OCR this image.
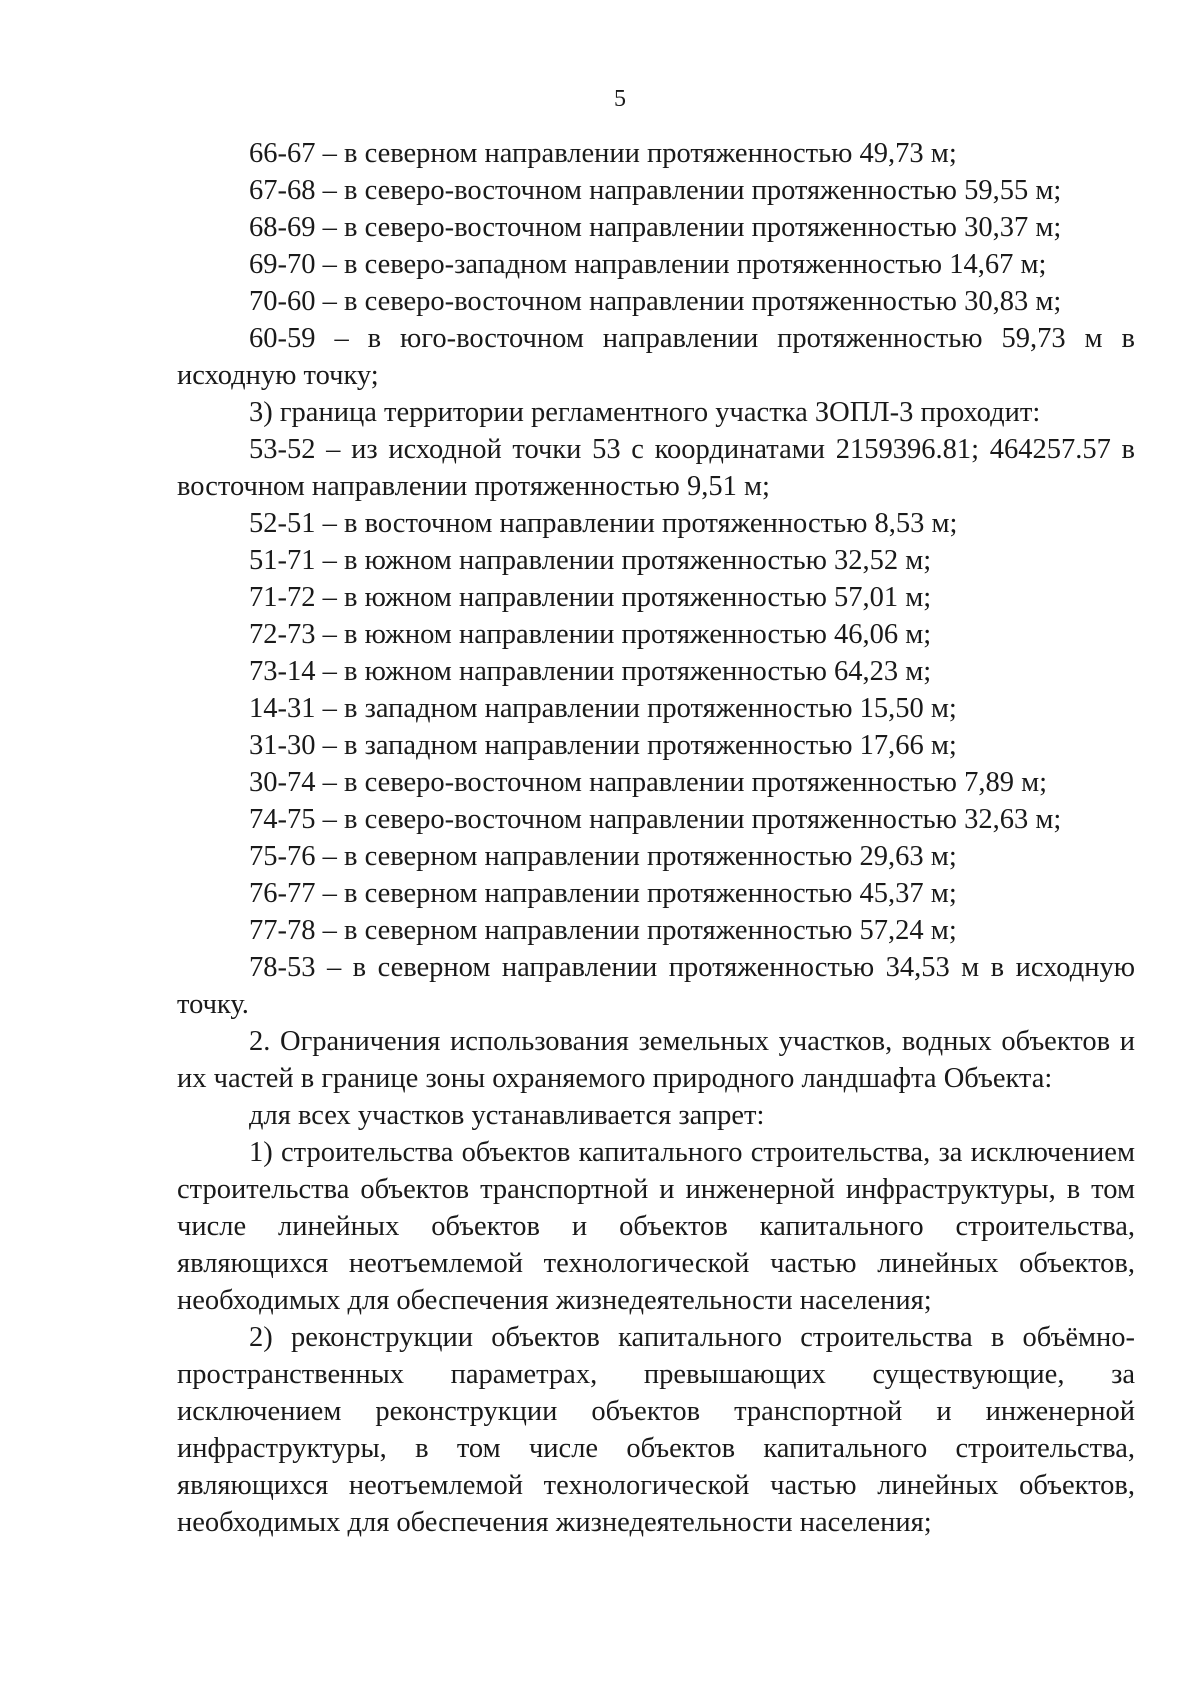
5

66-67 – в северном направлении протяженностью 49,73 м;

67-68 – в северо-восточном направлении протяженностью 59,55 м;

68-69 – в северо-восточном направлении протяженностью 30,37 м;

69-70 – в северо-западном направлении протяженностью 14,67 м;

70-60 – в северо-восточном направлении протяженностью 30,83 м;

60-59 – в юго-восточном направлении протяженностью 59,73 м в исходную точку;

3) граница территории регламентного участка ЗОПЛ-3 проходит:

53-52 – из исходной точки 53 с координатами 2159396.81; 464257.57 в восточном направлении протяженностью 9,51 м;

52-51 – в восточном направлении протяженностью 8,53 м;

51-71 – в южном направлении протяженностью 32,52 м;

71-72 – в южном направлении протяженностью 57,01 м;

72-73 – в южном направлении протяженностью 46,06 м;

73-14 – в южном направлении протяженностью 64,23 м;

14-31 – в западном направлении протяженностью 15,50 м;

31-30 – в западном направлении протяженностью 17,66 м;

30-74 – в северо-восточном направлении протяженностью 7,89 м;

74-75 – в северо-восточном направлении протяженностью 32,63 м;

75-76 – в северном направлении протяженностью 29,63 м;

76-77 – в северном направлении протяженностью 45,37 м;

77-78 – в северном направлении протяженностью 57,24 м;

78-53 – в северном направлении протяженностью 34,53 м в исходную точку.

2. Ограничения использования земельных участков, водных объектов и их частей в границе зоны охраняемого природного ландшафта Объекта:

для всех участков устанавливается запрет:

1) строительства объектов капитального строительства, за исключением строительства объектов транспортной и инженерной инфраструктуры, в том числе линейных объектов и объектов капитального строительства, являющихся неотъемлемой технологической частью линейных объектов, необходимых для обеспечения жизнедеятельности населения;

2) реконструкции объектов капитального строительства в объёмно-пространственных параметрах, превышающих существующие, за исключением реконструкции объектов транспортной и инженерной инфраструктуры, в том числе объектов капитального строительства, являющихся неотъемлемой технологической частью линейных объектов, необходимых для обеспечения жизнедеятельности населения;
